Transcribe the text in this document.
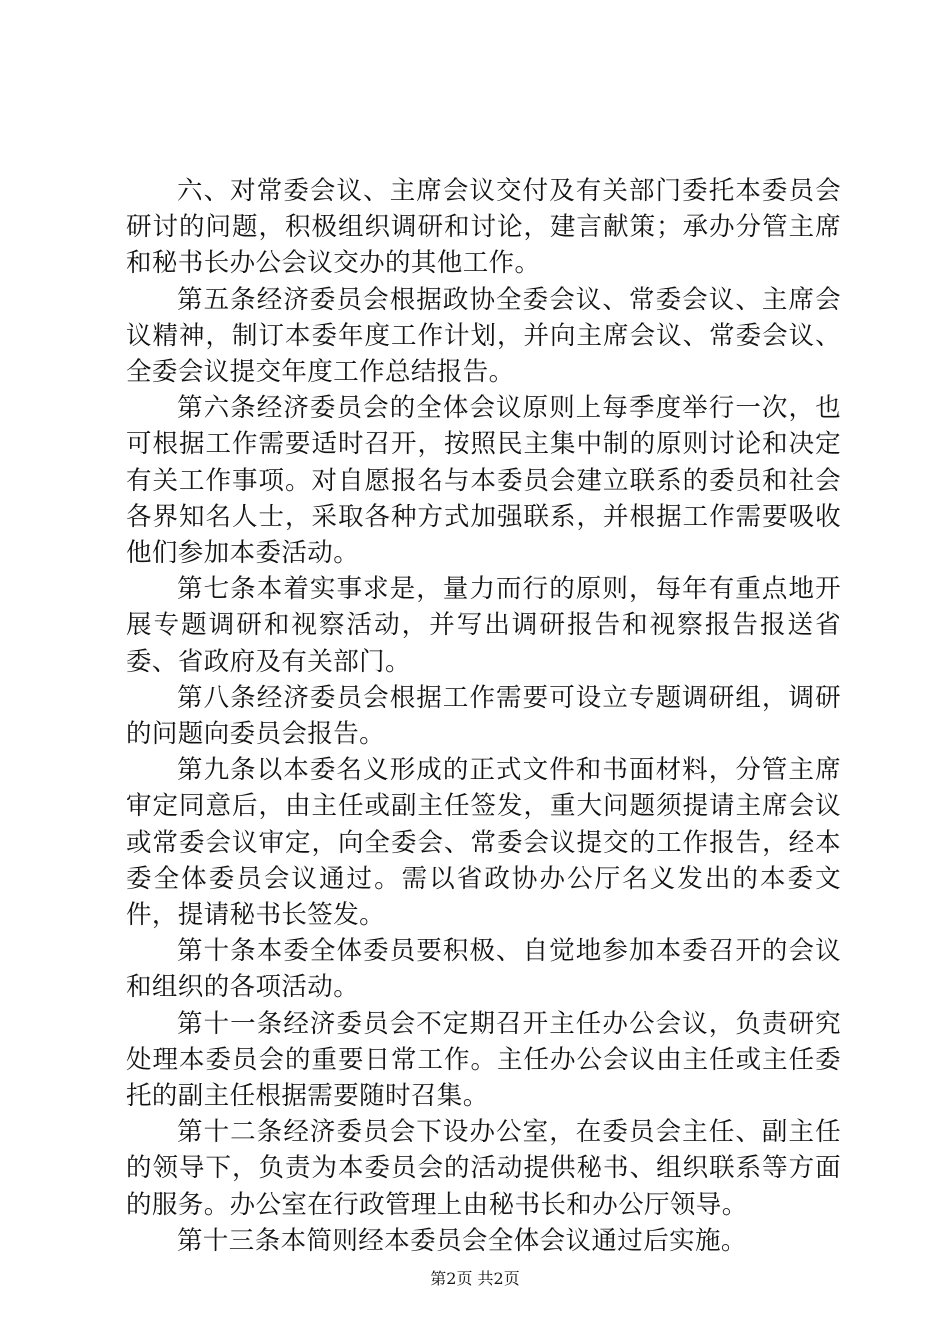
六、对常委会议、主席会议交付及有关部门委托本委员会研讨的问题，积极组织调研和讨论，建言献策；承办分管主席和秘书长办公会议交办的其他工作。

第五条经济委员会根据政协全委会议、常委会议、主席会议精神，制订本委年度工作计划，并向主席会议、常委会议、全委会议提交年度工作总结报告。

第六条经济委员会的全体会议原则上每季度举行一次，也可根据工作需要适时召开，按照民主集中制的原则讨论和决定有关工作事项。对自愿报名与本委员会建立联系的委员和社会各界知名人士，采取各种方式加强联系，并根据工作需要吸收他们参加本委活动。

第七条本着实事求是，量力而行的原则，每年有重点地开展专题调研和视察活动，并写出调研报告和视察报告报送省委、省政府及有关部门。

第八条经济委员会根据工作需要可设立专题调研组，调研的问题向委员会报告。

第九条以本委名义形成的正式文件和书面材料，分管主席审定同意后，由主任或副主任签发，重大问题须提请主席会议或常委会议审定，向全委会、常委会议提交的工作报告，经本委全体委员会议通过。需以省政协办公厅名义发出的本委文件，提请秘书长签发。

第十条本委全体委员要积极、自觉地参加本委召开的会议和组织的各项活动。

第十一条经济委员会不定期召开主任办公会议，负责研究处理本委员会的重要日常工作。主任办公会议由主任或主任委托的副主任根据需要随时召集。

第十二条经济委员会下设办公室，在委员会主任、副主任的领导下，负责为本委员会的活动提供秘书、组织联系等方面的服务。办公室在行政管理上由秘书长和办公厅领导。

第十三条本简则经本委员会全体会议通过后实施。

第2页 共2页
